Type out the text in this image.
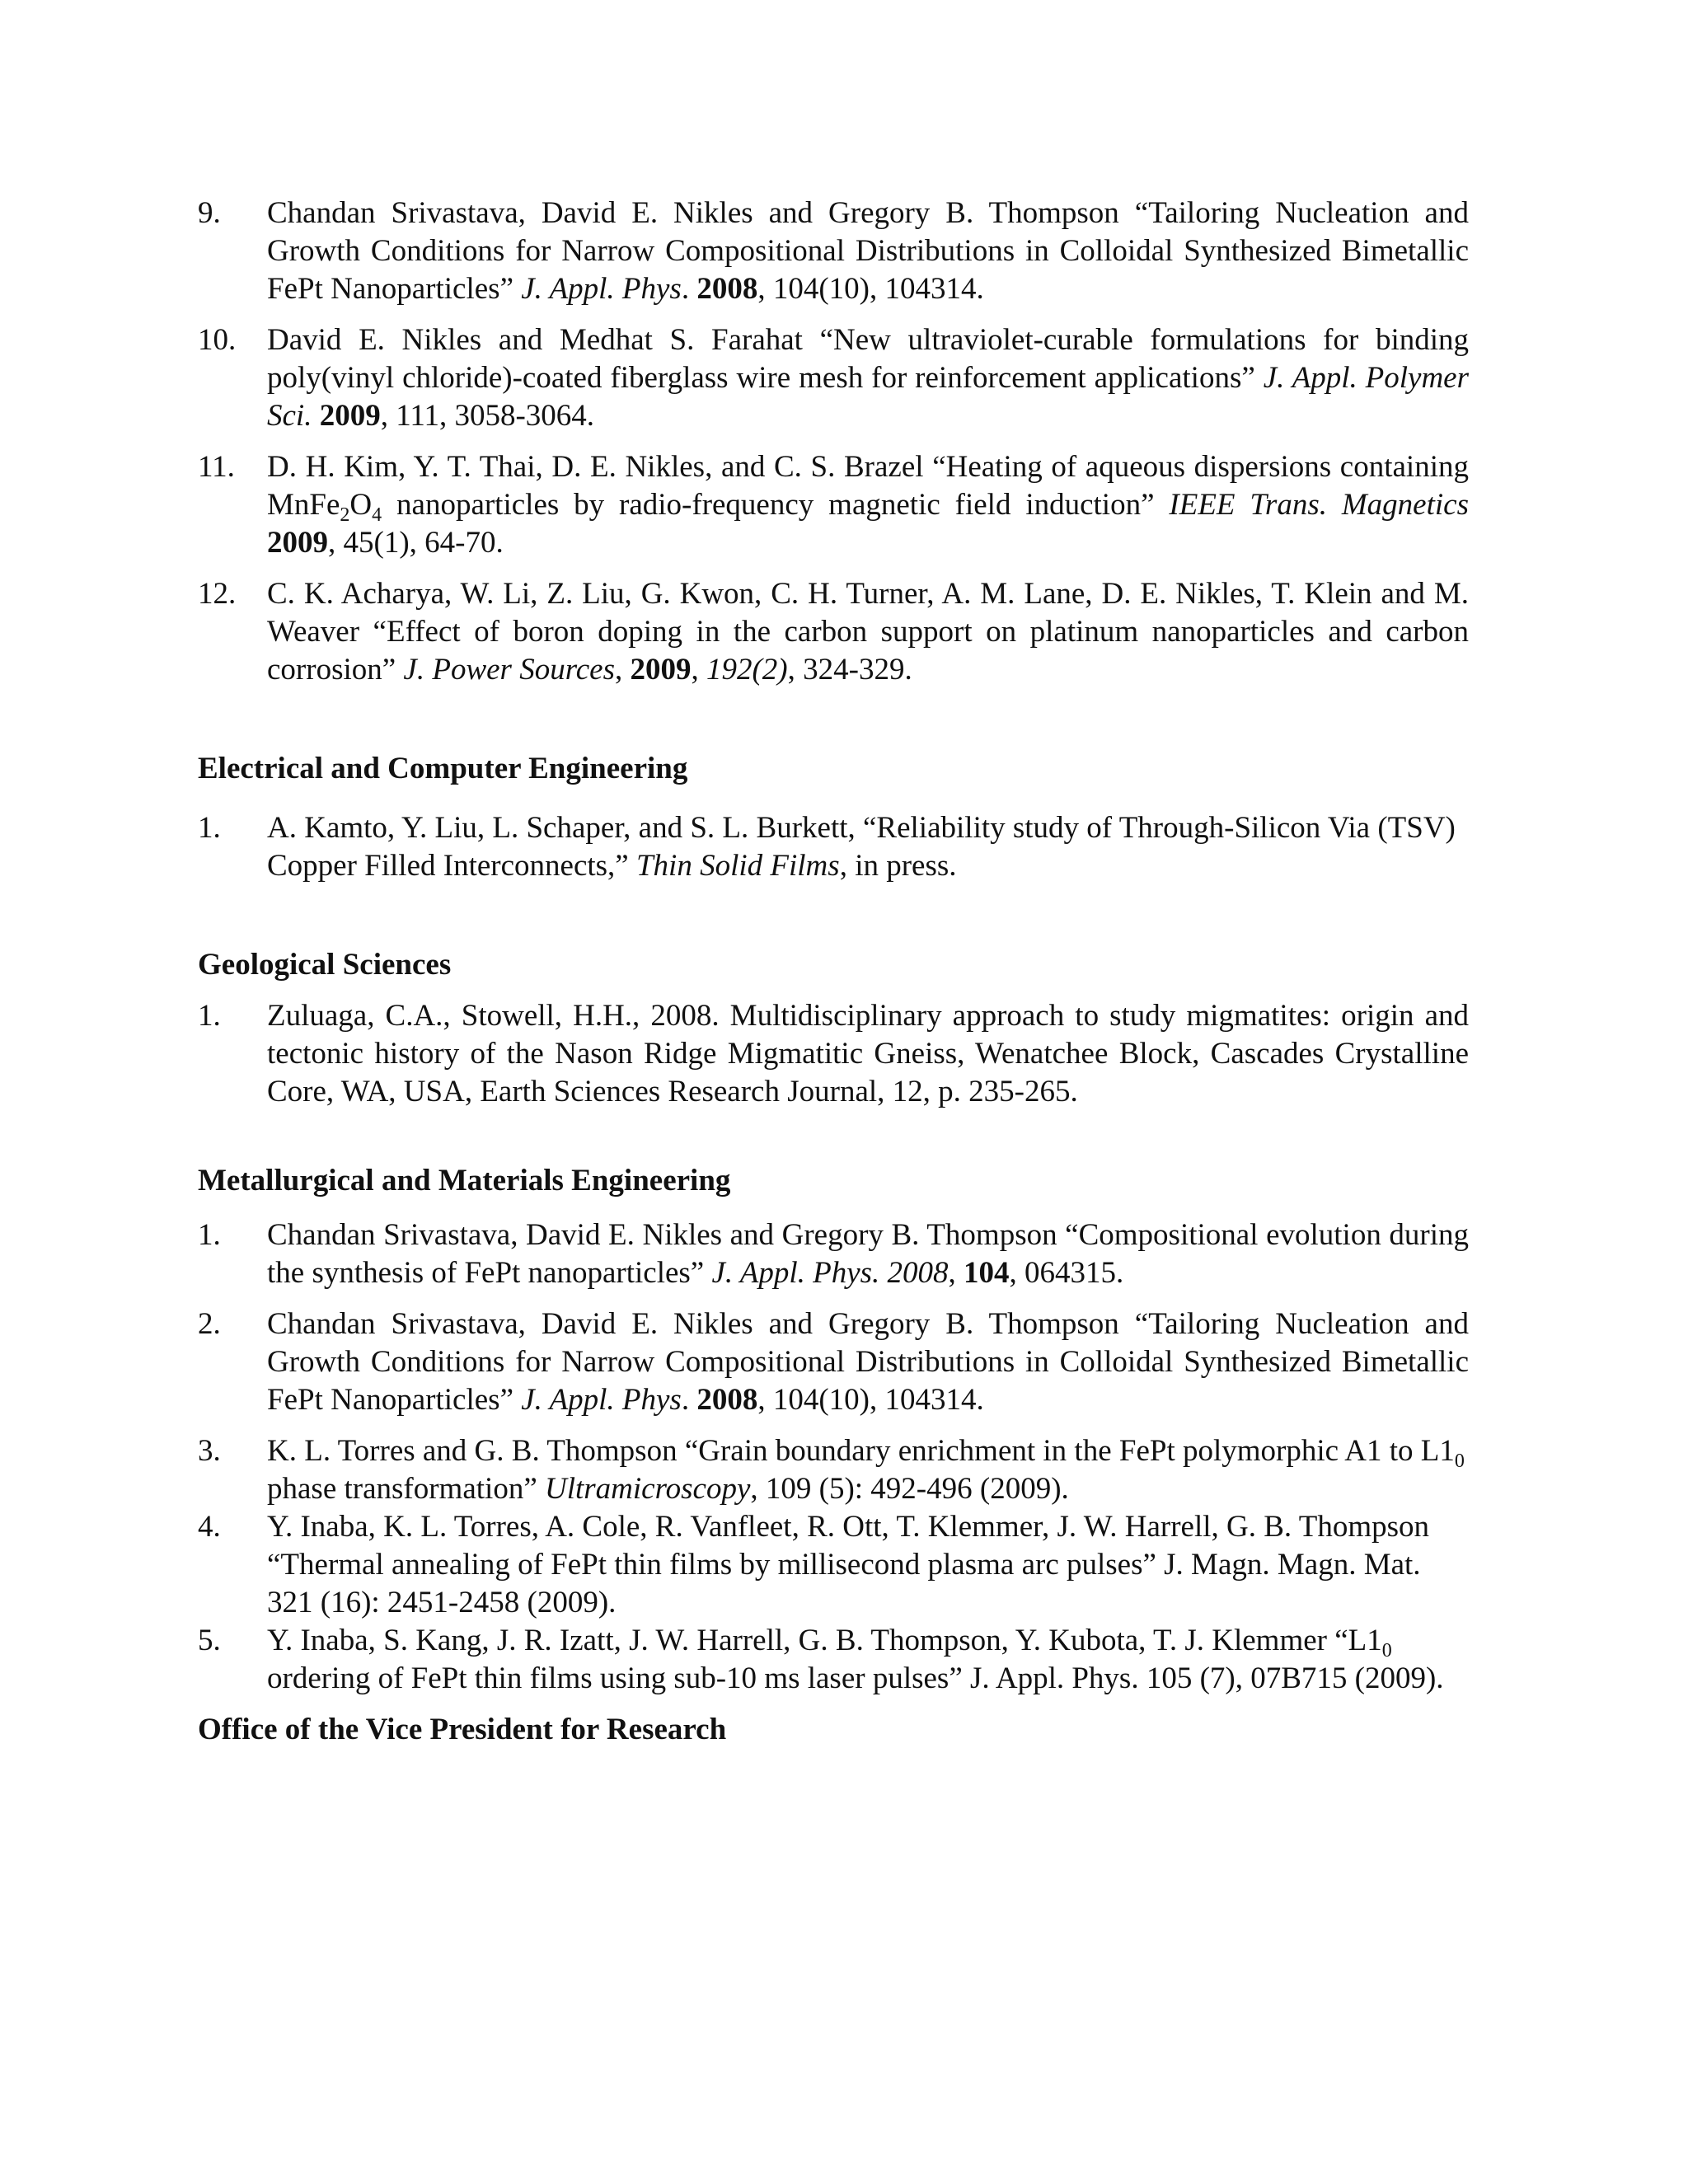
9.	Chandan Srivastava, David E. Nikles and Gregory B. Thompson “Tailoring Nucleation and Growth Conditions for Narrow Compositional Distributions in Colloidal Synthesized Bimetallic FePt Nanoparticles” J. Appl. Phys. 2008, 104(10), 104314.
10.	David E. Nikles and Medhat S. Farahat “New ultraviolet-curable formulations for binding poly(vinyl chloride)-coated fiberglass wire mesh for reinforcement applications” J. Appl. Polymer Sci. 2009, 111, 3058-3064.
11.	D. H. Kim, Y. T. Thai, D. E. Nikles, and C. S. Brazel “Heating of aqueous dispersions containing $MnFe_2O_4$ nanoparticles by radio-frequency magnetic field induction” IEEE Trans. Magnetics 2009, 45(1), 64-70.
12.	C. K. Acharya, W. Li, Z. Liu, G. Kwon, C. H. Turner, A. M. Lane, D. E. Nikles, T. Klein and M. Weaver “Effect of boron doping in the carbon support on platinum nanoparticles and carbon corrosion” J. Power Sources, 2009, 192(2), 324-329.
Electrical and Computer Engineering
1.	A. Kamto, Y. Liu, L. Schaper, and S. L. Burkett, “Reliability study of Through-Silicon Via (TSV) Copper Filled Interconnects,” Thin Solid Films, in press.
Geological Sciences
1.	Zuluaga, C.A., Stowell, H.H., 2008. Multidisciplinary approach to study migmatites: origin and tectonic history of the Nason Ridge Migmatitic Gneiss, Wenatchee Block, Cascades Crystalline Core, WA, USA, Earth Sciences Research Journal, 12, p. 235-265.
Metallurgical and Materials Engineering
1.	Chandan Srivastava, David E. Nikles and Gregory B. Thompson “Compositional evolution during the synthesis of FePt nanoparticles” J. Appl. Phys. 2008, 104, 064315.
2.	Chandan Srivastava, David E. Nikles and Gregory B. Thompson “Tailoring Nucleation and Growth Conditions for Narrow Compositional Distributions in Colloidal Synthesized Bimetallic FePt Nanoparticles” J. Appl. Phys. 2008, 104(10), 104314.
3.	K. L. Torres and G. B. Thompson “Grain boundary enrichment in the FePt polymorphic A1 to $L1_0$ phase transformation” Ultramicroscopy, 109 (5): 492-496 (2009).
4.	Y. Inaba, K. L. Torres, A. Cole, R. Vanfleet, R. Ott, T. Klemmer, J. W. Harrell, G. B. Thompson “Thermal annealing of FePt thin films by millisecond plasma arc pulses” J. Magn. Magn. Mat. 321 (16): 2451-2458 (2009).
5.	Y. Inaba, S. Kang, J. R. Izatt, J. W. Harrell, G. B. Thompson, Y. Kubota, T. J. Klemmer “$L1_0$ ordering of FePt thin films using sub-10 ms laser pulses” J. Appl. Phys. 105 (7), 07B715 (2009).
Office of the Vice President for Research
